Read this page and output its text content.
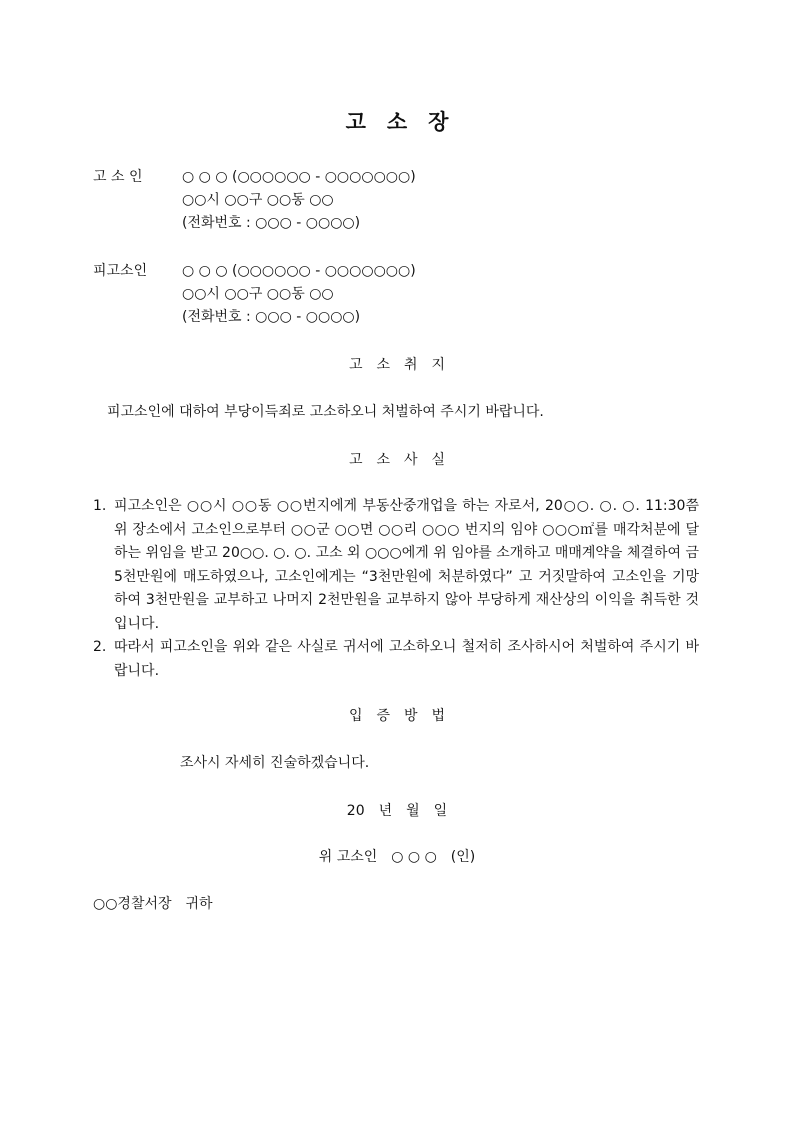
고　소　장
고 소 인	○ ○ ○ (○○○○○○ - ○○○○○○○)
○○시 ○○구 ○○동 ○○
(전화번호 : ○○○ - ○○○○)
피고소인 ○ ○ ○ (○○○○○○ - ○○○○○○○)
○○시 ○○구 ○○동 ○○
(전화번호 : ○○○ - ○○○○)
고　소　취　지
피고소인에 대하여 부당이득죄로 고소하오니 처벌하여 주시기 바랍니다.
고　소　사　실
1. 피고소인은 ○○시 ○○동 ○○번지에게 부동산중개업을 하는 자로서, 20○○. ○. ○. 11:30쯤 위 장소에서 고소인으로부터 ○○군 ○○면 ○○리 ○○○ 번지의 임야 ○○○㎡를 매각처분에 달하는 위임을 받고 20○○. ○. ○. 고소 외 ○○○에게 위 임야를 소개하고 매매계약을 체결하여 금 5천만원에 매도하였으나, 고소인에게는 “3천만원에 처분하였다” 고 거짓말하여 고소인을 기망하여 3천만원을 교부하고 나머지 2천만원을 교부하지 않아 부당하게 재산상의 이익을 취득한 것입니다.
2. 따라서 피고소인을 위와 같은 사실로 귀서에 고소하오니 철저히 조사하시어 처벌하여 주시기 바랍니다.
입　증　방　법
조사시 자세히 진술하겠습니다.
20　년　월　일
위 고소인　○ ○ ○　(인)
○○경찰서장　귀하
